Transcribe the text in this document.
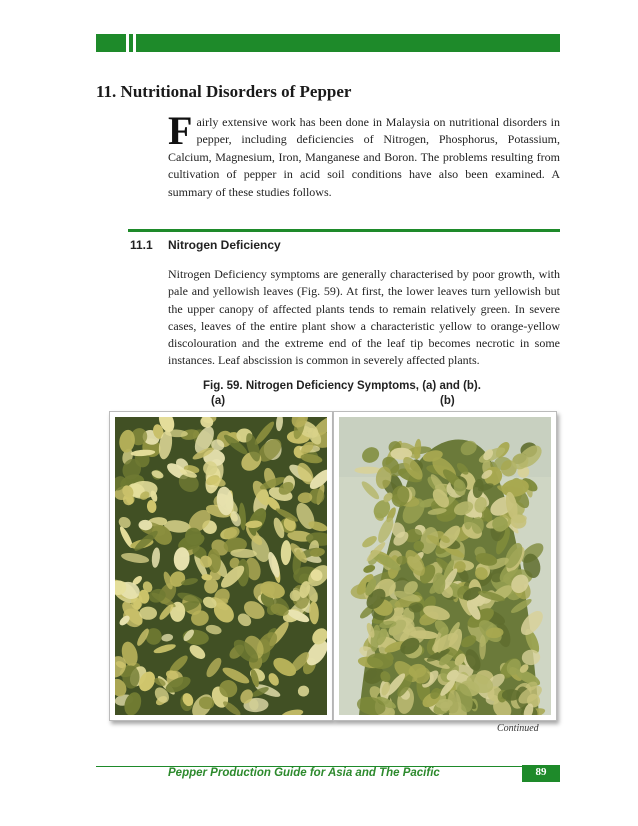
11. Nutritional Disorders of Pepper
Fairly extensive work has been done in Malaysia on nutritional disorders in pepper, including deficiencies of Nitrogen, Phosphorus, Potassium, Calcium, Magnesium, Iron, Manganese and Boron. The problems resulting from cultivation of pepper in acid soil conditions have also been examined. A summary of these studies follows.
11.1 Nitrogen Deficiency
Nitrogen Deficiency symptoms are generally characterised by poor growth, with pale and yellowish leaves (Fig. 59). At first, the lower leaves turn yellowish but the upper canopy of affected plants tends to remain relatively green. In severe cases, leaves of the entire plant show a characteristic yellow to orange-yellow discolouration and the extreme end of the leaf tip becomes necrotic in some instances. Leaf abscission is common in severely affected plants.
Fig. 59. Nitrogen Deficiency Symptoms, (a) and (b).
(a)	(b)
Continued
Pepper Production Guide for Asia and The Pacific	89
